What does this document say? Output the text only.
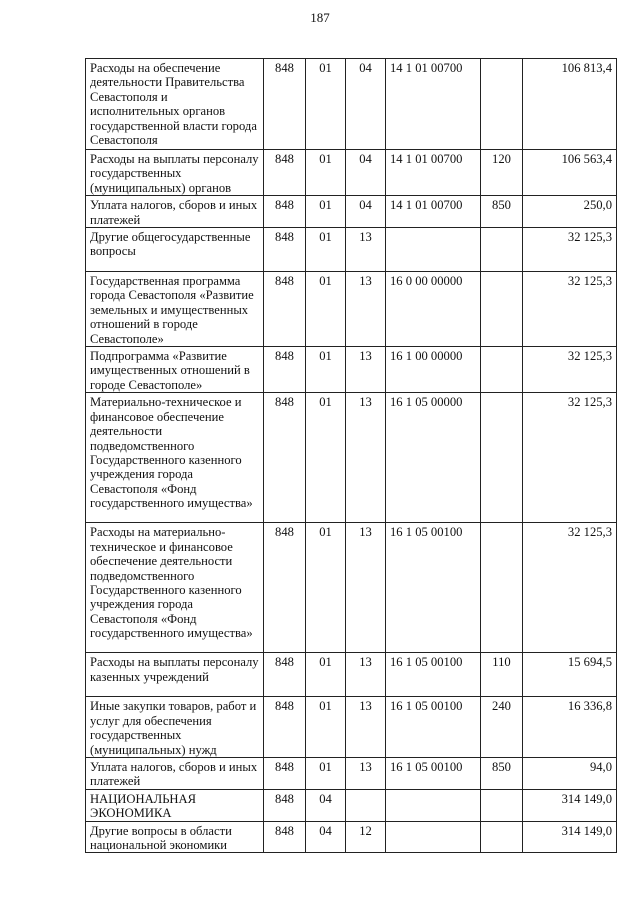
187
Расходы на обеспечение деятельности Правительства Севастополя и исполнительных органов государственной власти города Севастополя	848	01	04	14 1 01 00700		106 813,4
Расходы на выплаты персоналу государственных (муниципальных) органов	848	01	04	14 1 01 00700	120	106 563,4
Уплата налогов, сборов и иных платежей	848	01	04	14 1 01 00700	850	250,0
Другие общегосударственные вопросы	848	01	13			32 125,3
Государственная программа города Севастополя «Развитие земельных и имущественных отношений в городе Севастополе»	848	01	13	16 0 00 00000		32 125,3
Подпрограмма «Развитие имущественных отношений в городе Севастополе»	848	01	13	16 1 00 00000		32 125,3
Материально-техническое и финансовое обеспечение деятельности подведомственного Государственного казенного учреждения города Севастополя «Фонд государственного имущества»	848	01	13	16 1 05 00000		32 125,3
Расходы на материально-техническое и финансовое обеспечение деятельности подведомственного Государственного казенного учреждения города Севастополя «Фонд государственного имущества»	848	01	13	16 1 05 00100		32 125,3
Расходы на выплаты персоналу казенных учреждений	848	01	13	16 1 05 00100	110	15 694,5
Иные закупки товаров, работ и услуг для обеспечения государственных (муниципальных) нужд	848	01	13	16 1 05 00100	240	16 336,8
Уплата налогов, сборов и иных платежей	848	01	13	16 1 05 00100	850	94,0
НАЦИОНАЛЬНАЯ ЭКОНОМИКА	848	04				314 149,0
Другие вопросы в области национальной экономики	848	04	12			314 149,0
